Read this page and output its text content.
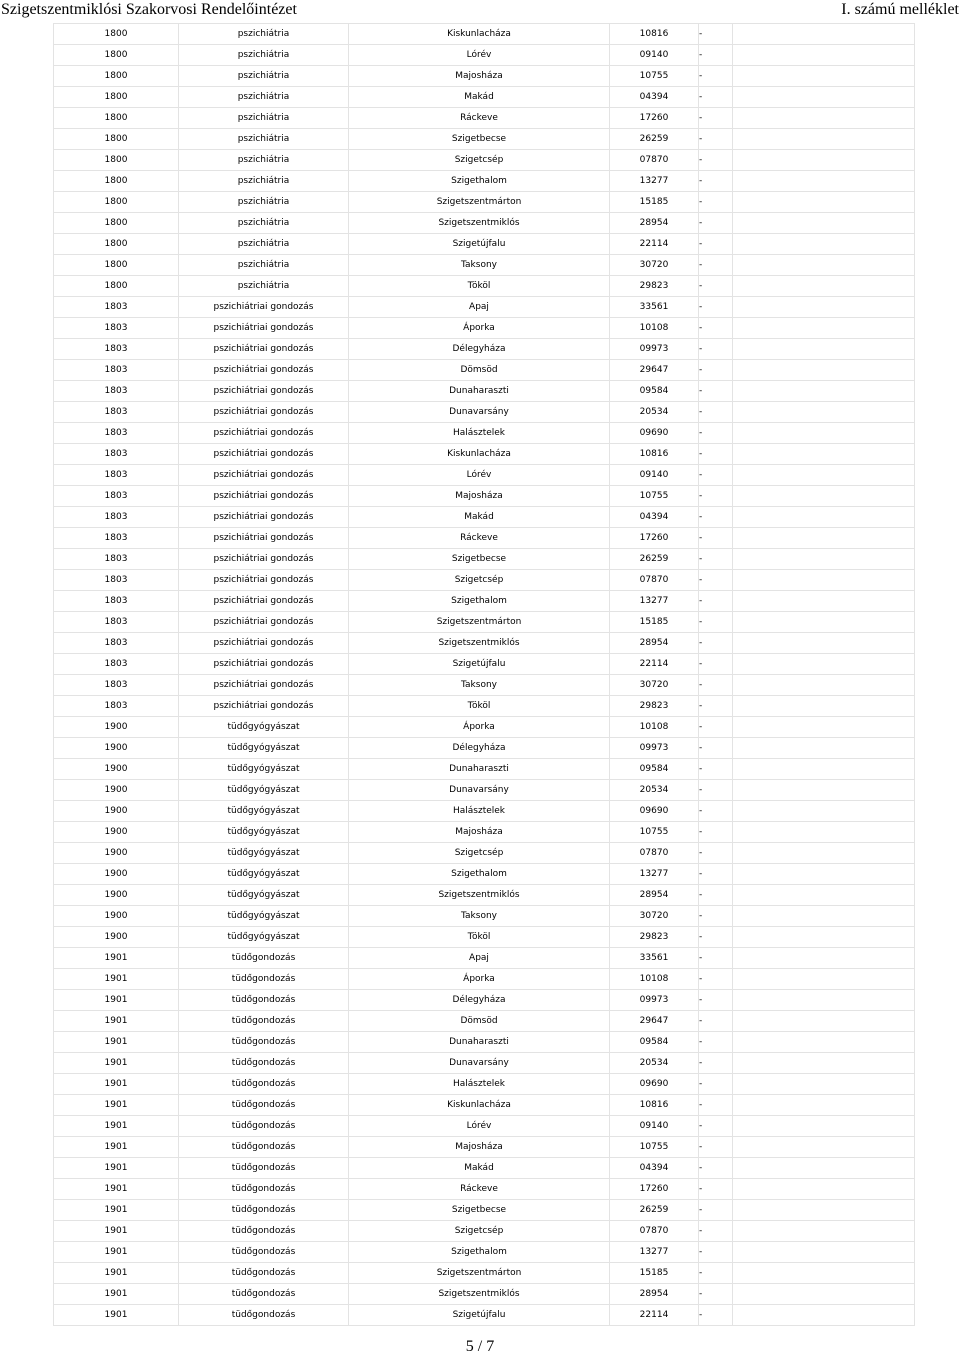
Szigetszentmiklósi Szakorvosi Rendelőintézet	I. számú melléklet
1800	pszichiátria	Kiskunlacháza	10816	-	
1800	pszichiátria	Lórév	09140	-	
1800	pszichiátria	Majosháza	10755	-	
1800	pszichiátria	Makád	04394	-	
1800	pszichiátria	Ráckeve	17260	-	
1800	pszichiátria	Szigetbecse	26259	-	
1800	pszichiátria	Szigetcsép	07870	-	
1800	pszichiátria	Szigethalom	13277	-	
1800	pszichiátria	Szigetszentmárton	15185	-	
1800	pszichiátria	Szigetszentmiklós	28954	-	
1800	pszichiátria	Szigetújfalu	22114	-	
1800	pszichiátria	Taksony	30720	-	
1800	pszichiátria	Tököl	29823	-	
1803	pszichiátriai gondozás	Apaj	33561	-	
1803	pszichiátriai gondozás	Áporka	10108	-	
1803	pszichiátriai gondozás	Délegyháza	09973	-	
1803	pszichiátriai gondozás	Dömsöd	29647	-	
1803	pszichiátriai gondozás	Dunaharaszti	09584	-	
1803	pszichiátriai gondozás	Dunavarsány	20534	-	
1803	pszichiátriai gondozás	Halásztelek	09690	-	
1803	pszichiátriai gondozás	Kiskunlacháza	10816	-	
1803	pszichiátriai gondozás	Lórév	09140	-	
1803	pszichiátriai gondozás	Majosháza	10755	-	
1803	pszichiátriai gondozás	Makád	04394	-	
1803	pszichiátriai gondozás	Ráckeve	17260	-	
1803	pszichiátriai gondozás	Szigetbecse	26259	-	
1803	pszichiátriai gondozás	Szigetcsép	07870	-	
1803	pszichiátriai gondozás	Szigethalom	13277	-	
1803	pszichiátriai gondozás	Szigetszentmárton	15185	-	
1803	pszichiátriai gondozás	Szigetszentmiklós	28954	-	
1803	pszichiátriai gondozás	Szigetújfalu	22114	-	
1803	pszichiátriai gondozás	Taksony	30720	-	
1803	pszichiátriai gondozás	Tököl	29823	-	
1900	tüdőgyógyászat	Áporka	10108	-	
1900	tüdőgyógyászat	Délegyháza	09973	-	
1900	tüdőgyógyászat	Dunaharaszti	09584	-	
1900	tüdőgyógyászat	Dunavarsány	20534	-	
1900	tüdőgyógyászat	Halásztelek	09690	-	
1900	tüdőgyógyászat	Majosháza	10755	-	
1900	tüdőgyógyászat	Szigetcsép	07870	-	
1900	tüdőgyógyászat	Szigethalom	13277	-	
1900	tüdőgyógyászat	Szigetszentmiklós	28954	-	
1900	tüdőgyógyászat	Taksony	30720	-	
1900	tüdőgyógyászat	Tököl	29823	-	
1901	tüdőgondozás	Apaj	33561	-	
1901	tüdőgondozás	Áporka	10108	-	
1901	tüdőgondozás	Délegyháza	09973	-	
1901	tüdőgondozás	Dömsöd	29647	-	
1901	tüdőgondozás	Dunaharaszti	09584	-	
1901	tüdőgondozás	Dunavarsány	20534	-	
1901	tüdőgondozás	Halásztelek	09690	-	
1901	tüdőgondozás	Kiskunlacháza	10816	-	
1901	tüdőgondozás	Lórév	09140	-	
1901	tüdőgondozás	Majosháza	10755	-	
1901	tüdőgondozás	Makád	04394	-	
1901	tüdőgondozás	Ráckeve	17260	-	
1901	tüdőgondozás	Szigetbecse	26259	-	
1901	tüdőgondozás	Szigetcsép	07870	-	
1901	tüdőgondozás	Szigethalom	13277	-	
1901	tüdőgondozás	Szigetszentmárton	15185	-	
1901	tüdőgondozás	Szigetszentmiklós	28954	-	
1901	tüdőgondozás	Szigetújfalu	22114	-	
5 / 7
